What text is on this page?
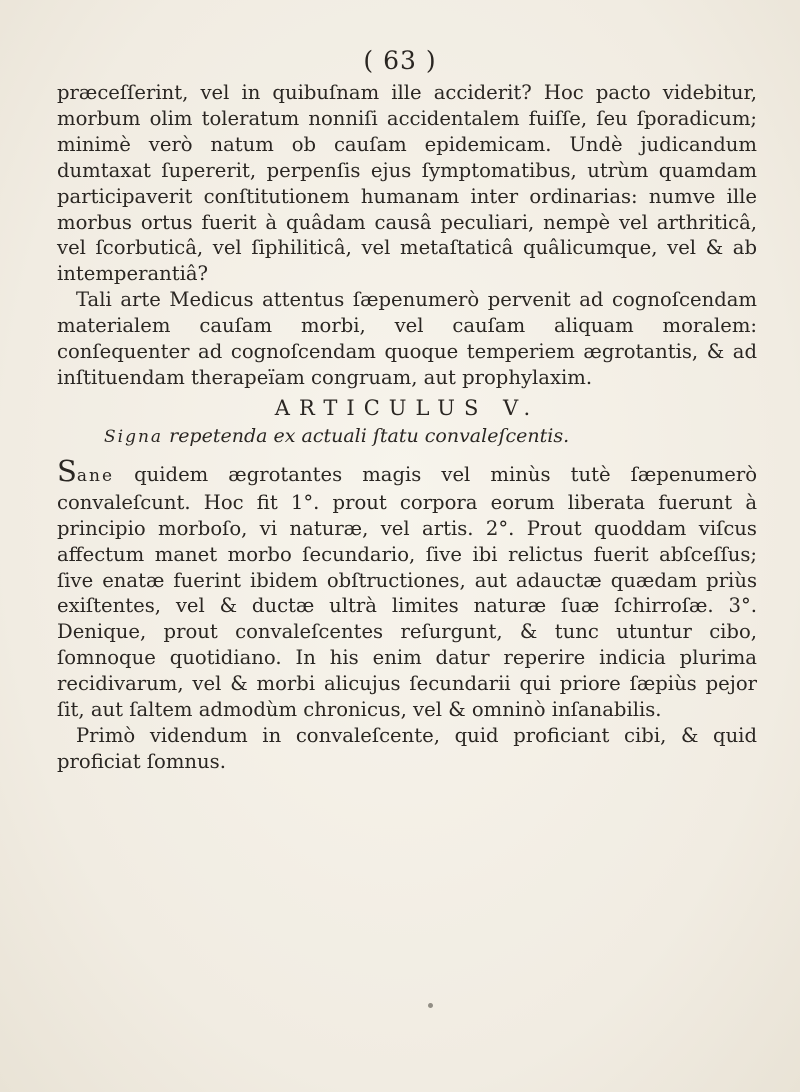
( 63 )

præceſſerint, vel in quibuſnam ille acciderit? Hoc pacto videbitur, morbum olim toleratum nonniſi accidentalem fuiſſe, ſeu ſporadicum; minimè verò natum ob cauſam epidemicam. Undè judicandum dumtaxat ſupererit, perpenſis ejus ſymptomatibus, utrùm quamdam participaverit conſtitutionem humanam inter ordinarias: numve ille morbus ortus fuerit à quâdam causâ peculiari, nempè vel arthriticâ, vel ſcorbuticâ, vel ſiphiliticâ, vel metaſtaticâ quâlicumque, vel & ab intemperantiâ?

Tali arte Medicus attentus ſæpenumerò pervenit ad cognoſcendam materialem cauſam morbi, vel cauſam aliquam moralem: conſequenter ad cognoſcendam quoque temperiem ægrotantis, & ad inſtituendam therapeïam congruam, aut prophylaxim.

ARTICULUS V.

Signa repetenda ex actuali ſtatu convaleſcentis.

Sane quidem ægrotantes magis vel minùs tutè ſæpenumerò convaleſcunt. Hoc fit 1°. prout corpora eorum liberata fuerunt à principio morboſo, vi naturæ, vel artis. 2°. Prout quoddam viſcus affectum manet morbo ſecundario, ſive ibi relictus fuerit abſceſſus; ſive enatæ fuerint ibidem obſtructiones, aut adauctæ quædam priùs exiſtentes, vel & ductæ ultrà limites naturæ ſuæ ſchirroſæ. 3°. Denique, prout convaleſcentes reſurgunt, & tunc utuntur cibo, ſomnoque quotidiano. In his enim datur reperire indicia plurima recidivarum, vel & morbi alicujus ſecundarii qui priore ſæpiùs pejor ſit, aut ſaltem admodùm chronicus, vel & omninò inſanabilis.

Primò videndum in convaleſcente, quid proficiant cibi, & quid proficiat ſomnus.
